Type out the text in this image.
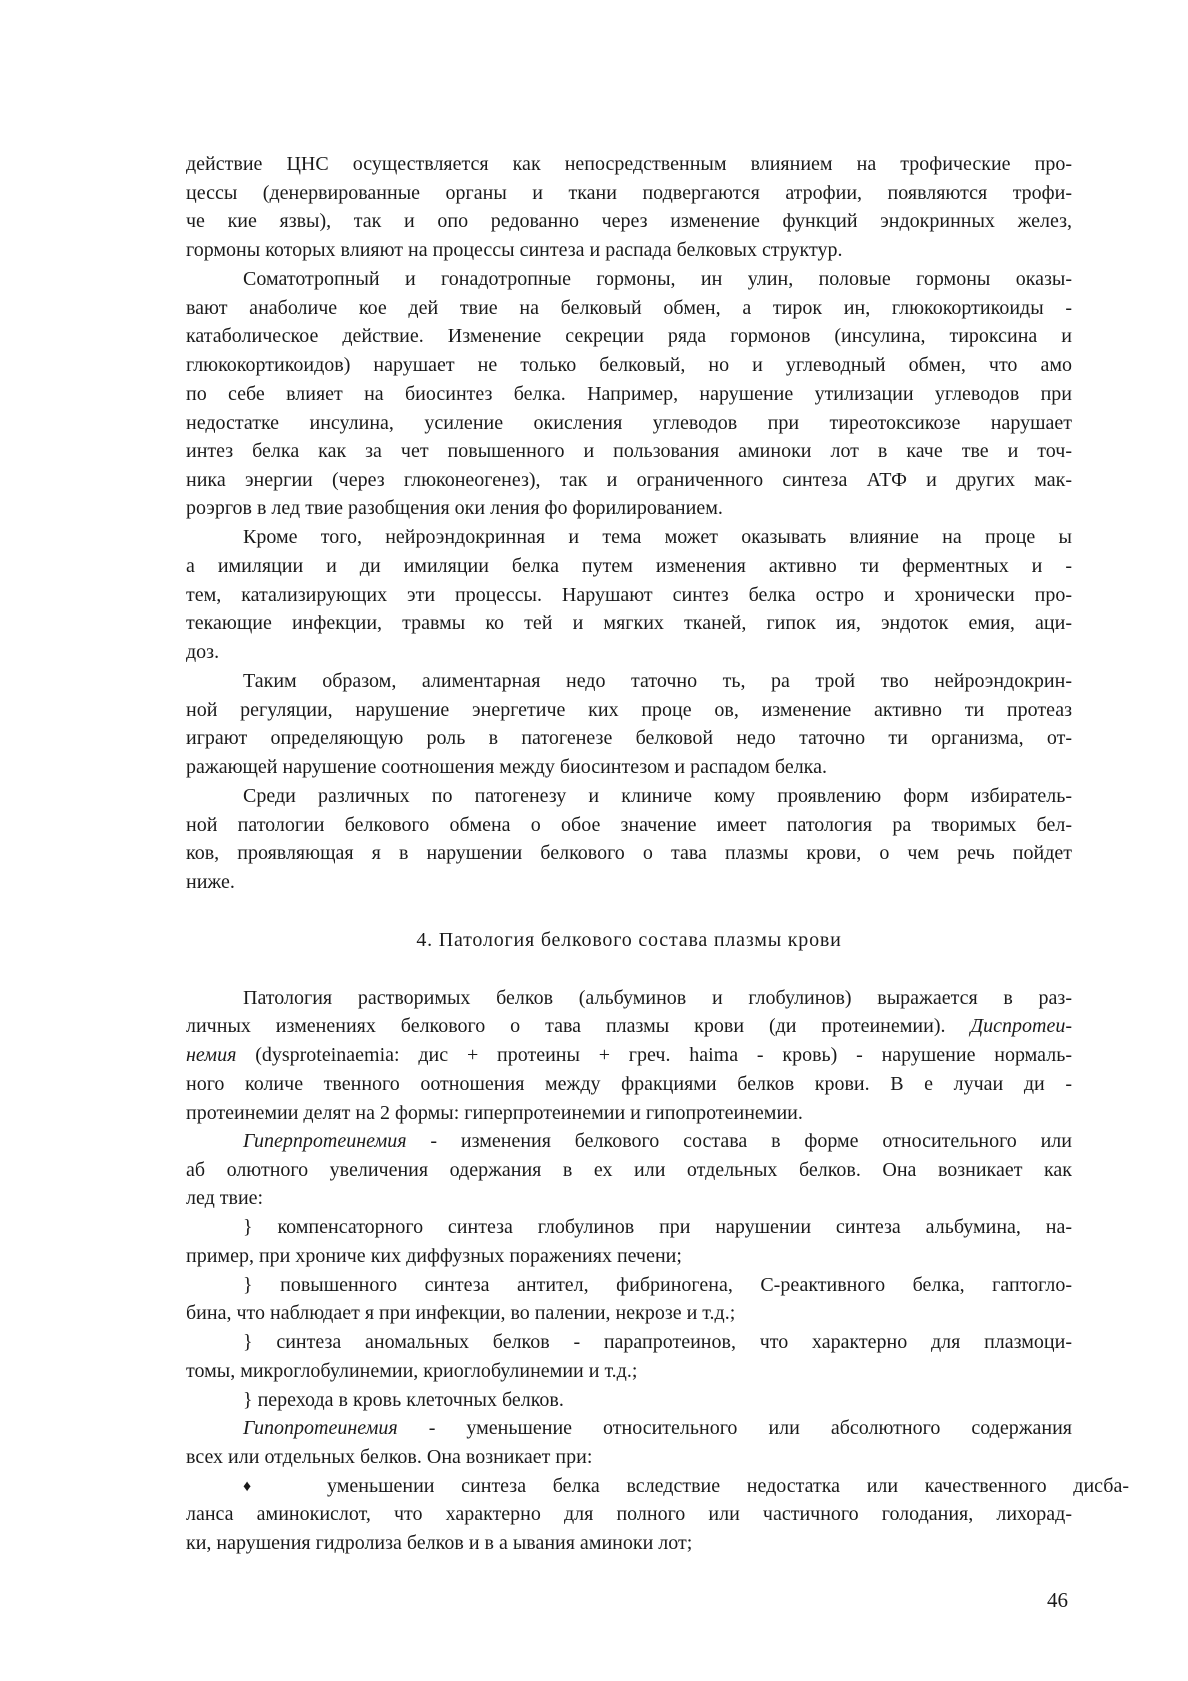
действие ЦНС осуществляется как непосредственным влиянием на трофические про-
цессы (денервированные органы и ткани подвергаются атрофии, появляются трофи-
че кие язвы), так и опо редованно через изменение функций эндокринных желез,
гормоны которых влияют на процессы синтеза и распада белковых структур.
Соматотропный и гонадотропные гормоны, ин улин, половые гормоны оказы-
вают анаболиче кое дей твие на белковый обмен, а тирок ин, глюкокортикоиды -
катаболическое действие. Изменение секреции ряда гормонов (инсулина, тироксина и
глюкокортикоидов) нарушает не только белковый, но и углеводный обмен, что амо
по себе влияет на биосинтез белка. Например, нарушение утилизации углеводов при
недостатке инсулина, усиление окисления углеводов при тиреотоксикозе нарушает
интез белка как за чет повышенного и пользования аминоки лот в каче тве и точ-
ника энергии (через глюконеогенез), так и ограниченного синтеза АТФ и других мак-
роэргов в лед твие разобщения оки ления фо форилированием.
Кроме того, нейроэндокринная и тема может оказывать влияние на проце ы
а имиляции и ди имиляции белка путем изменения активно ти ферментных и -
тем, катализирующих эти процессы. Нарушают синтез белка остро и хронически про-
текающие инфекции, травмы ко тей и мягких тканей, гипок ия, эндоток емия, аци-
доз.
Таким образом, алиментарная недо таточно ть, ра трой тво нейроэндокрин-
ной регуляции, нарушение энергетиче ких проце ов, изменение активно ти протеаз
играют определяющую роль в патогенезе белковой недо таточно ти организма, от-
ражающей нарушение соотношения между биосинтезом и распадом белка.
Среди различных по патогенезу и клиниче кому проявлению форм избиратель-
ной патологии белкового обмена о обое значение имеет патология ра творимых бел-
ков, проявляющая я в нарушении белкового о тава плазмы крови, о чем речь пойдет
ниже.
4. Патология белкового состава плазмы крови
Патология растворимых белков (альбуминов и глобулинов) выражается в раз-
личных изменениях белкового о тава плазмы крови (ди протеинемии). Диспротеи-
немия (dysproteinaemia: дис + протеины + греч. haima - кровь) - нарушение нормаль-
ного количе твенного оотношения между фракциями белков крови. В е лучаи ди -
протеинемии делят на 2 формы: гиперпротеинемии и гипопротеинемии.
Гиперпротеинемия - изменения белкового состава в форме относительного или
аб олютного увеличения одержания в ех или отдельных белков. Она возникает как
лед твие:
} компенсаторного синтеза глобулинов при нарушении синтеза альбумина, на-
пример, при хрониче ких диффузных поражениях печени;
} повышенного синтеза антител, фибриногена, С-реактивного белка, гаптогло-
бина, что наблюдает я при инфекции, во палении, некрозе и т.д.;
} синтеза аномальных белков - парапротеинов, что характерно для плазмоци-
томы, микроглобулинемии, криоглобулинемии и т.д.;
} перехода в кровь клеточных белков.
Гипопротеинемия - уменьшение относительного или абсолютного содержания
всех или отдельных белков. Она возникает при:
♦	уменьшении синтеза белка вследствие недостатка или качественного дисба-
ланса аминокислот, что характерно для полного или частичного голодания, лихорад-
ки, нарушения гидролиза белков и в а ывания аминоки лот;
46
